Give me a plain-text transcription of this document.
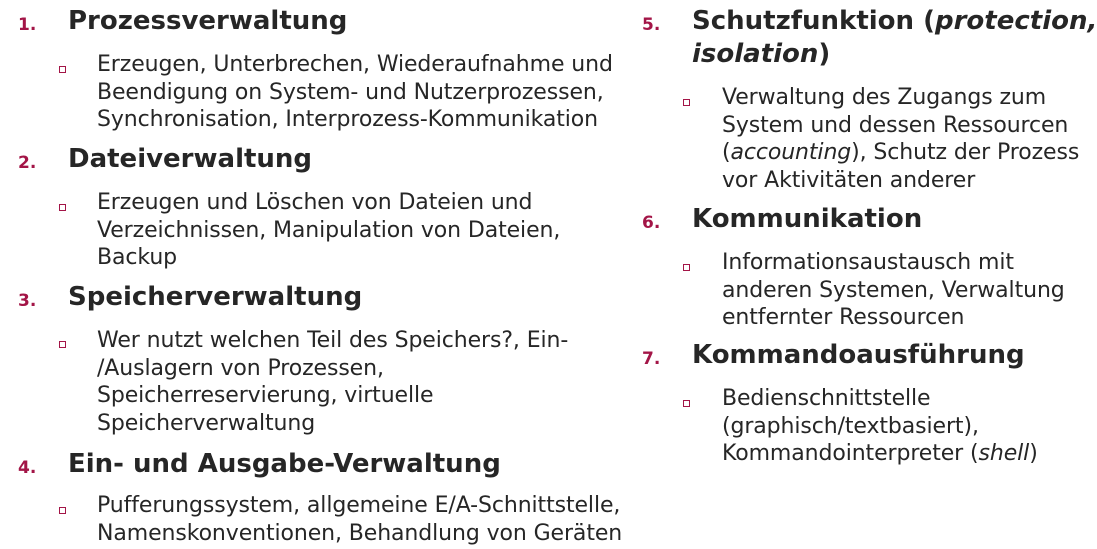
1. Prozessverwaltung
Erzeugen, Unterbrechen, Wiederaufnahme und
Beendigung on System- und Nutzerprozessen,
Synchronisation, Interprozess-Kommunikation
2. Dateiverwaltung
Erzeugen und Löschen von Dateien und
Verzeichnissen, Manipulation von Dateien,
Backup
3. Speicherverwaltung
Wer nutzt welchen Teil des Speichers?, Ein-
/Auslagern von Prozessen,
Speicherreservierung, virtuelle
Speicherverwaltung
4. Ein- und Ausgabe-Verwaltung
Pufferungssystem, allgemeine E/A-Schnittstelle,
Namenskonventionen, Behandlung von Geräten
5. Schutzfunktion (protection,
isolation)
Verwaltung des Zugangs zum
System und dessen Ressourcen
(accounting), Schutz der Prozess
vor Aktivitäten anderer
6. Kommunikation
Informationsaustausch mit
anderen Systemen, Verwaltung
entfernter Ressourcen
7. Kommandoausführung
Bedienschnittstelle
(graphisch/textbasiert),
Kommandointerpreter (shell)
